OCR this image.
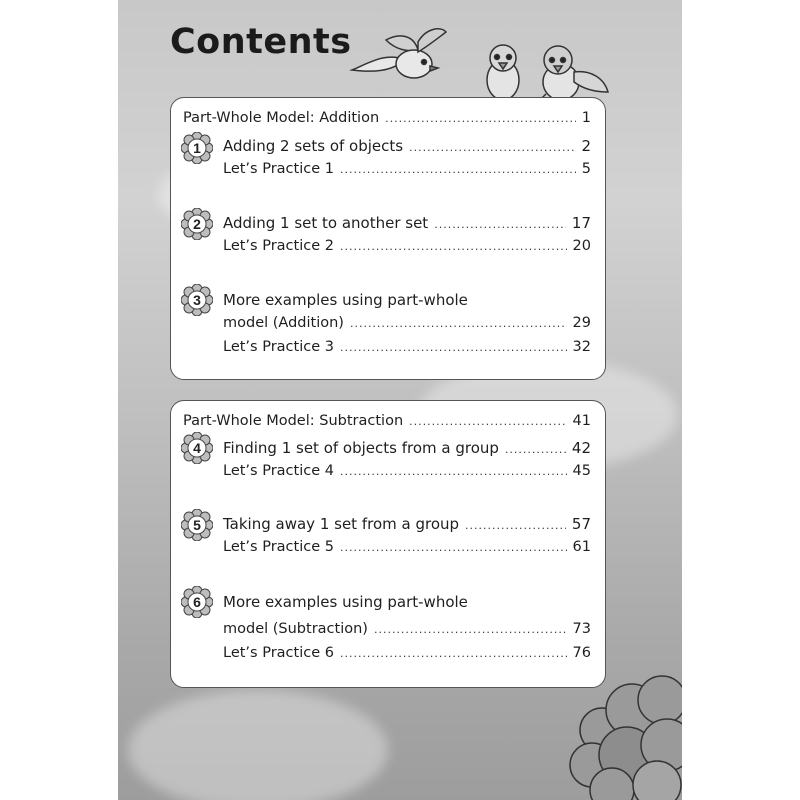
Contents
Part-Whole Model: Addition .....	1
1 Adding 2 sets of objects .....	2
Let’s Practice 1 .....	5
2 Adding 1 set to another set .....	17
Let’s Practice 2 .....	20
3 More examples using part-whole
model (Addition) .....	29
Let’s Practice 3 .....	32
Part-Whole Model: Subtraction .....	41
4 Finding 1 set of objects from a group .....	42
Let’s Practice 4 .....	45
5 Taking away 1 set from a group .....	57
Let’s Practice 5 .....	61
6 More examples using part-whole
model (Subtraction) .....	73
Let’s Practice 6 .....	76
